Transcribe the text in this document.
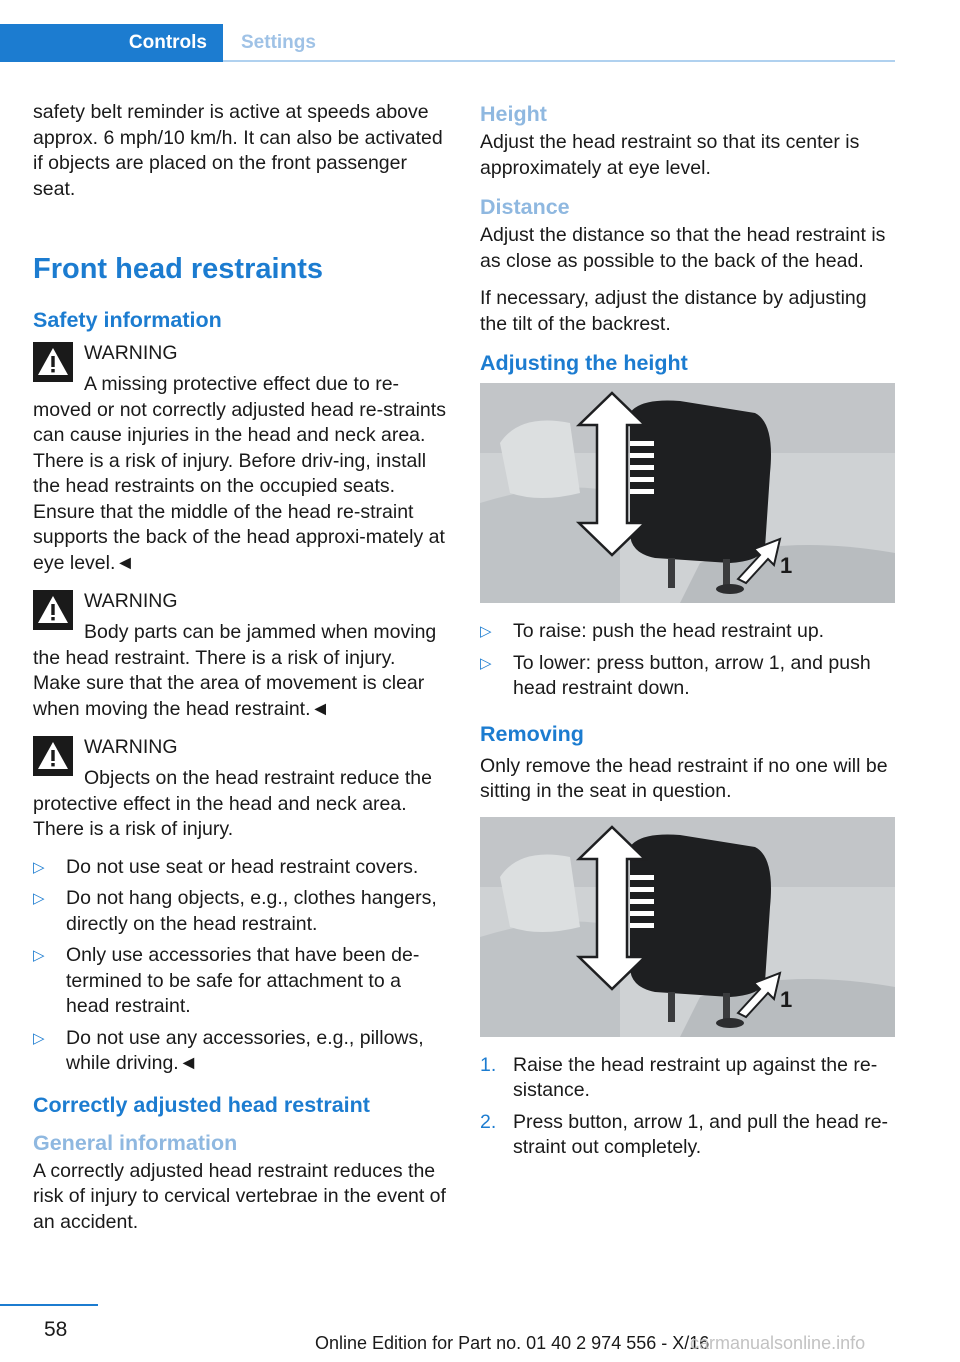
Controls	Settings

safety belt reminder is active at speeds above approx. 6 mph/10 km/h. It can also be activated if objects are placed on the front passenger seat.

Front head restraints
Safety information
WARNING
A missing protective effect due to re‐moved or not correctly adjusted head re‐straints can cause injuries in the head and neck area. There is a risk of injury. Before driv‐ing, install the head restraints on the occupied seats. Ensure that the middle of the head re‐straint supports the back of the head approxi‐mately at eye level.◄
WARNING
Body parts can be jammed when moving the head restraint. There is a risk of injury. Make sure that the area of movement is clear when moving the head restraint.◄
WARNING
Objects on the head restraint reduce the protective effect in the head and neck area. There is a risk of injury.
▷ Do not use seat or head restraint covers.
▷ Do not hang objects, e.g., clothes hangers, directly on the head restraint.
▷ Only use accessories that have been de‐termined to be safe for attachment to a head restraint.
▷ Do not use any accessories, e.g., pillows, while driving.◄
Correctly adjusted head restraint
General information

A correctly adjusted head restraint reduces the risk of injury to cervical vertebrae in the event of an accident.

Height

Adjust the head restraint so that its center is approximately at eye level.

Distance

Adjust the distance so that the head restraint is as close as possible to the back of the head.

If necessary, adjust the distance by adjusting the tilt of the backrest.

Adjusting the height
1
▷ To raise: push the head restraint up.
▷ To lower: press button, arrow 1, and push head restraint down.
Removing

Only remove the head restraint if no one will be sitting in the seat in question.

1
1. Raise the head restraint up against the re‐sistance.
2. Press button, arrow 1, and pull the head re‐straint out completely.
58
Online Edition for Part no. 01 40 2 974 556 - X/16
carmanualsonline.info
